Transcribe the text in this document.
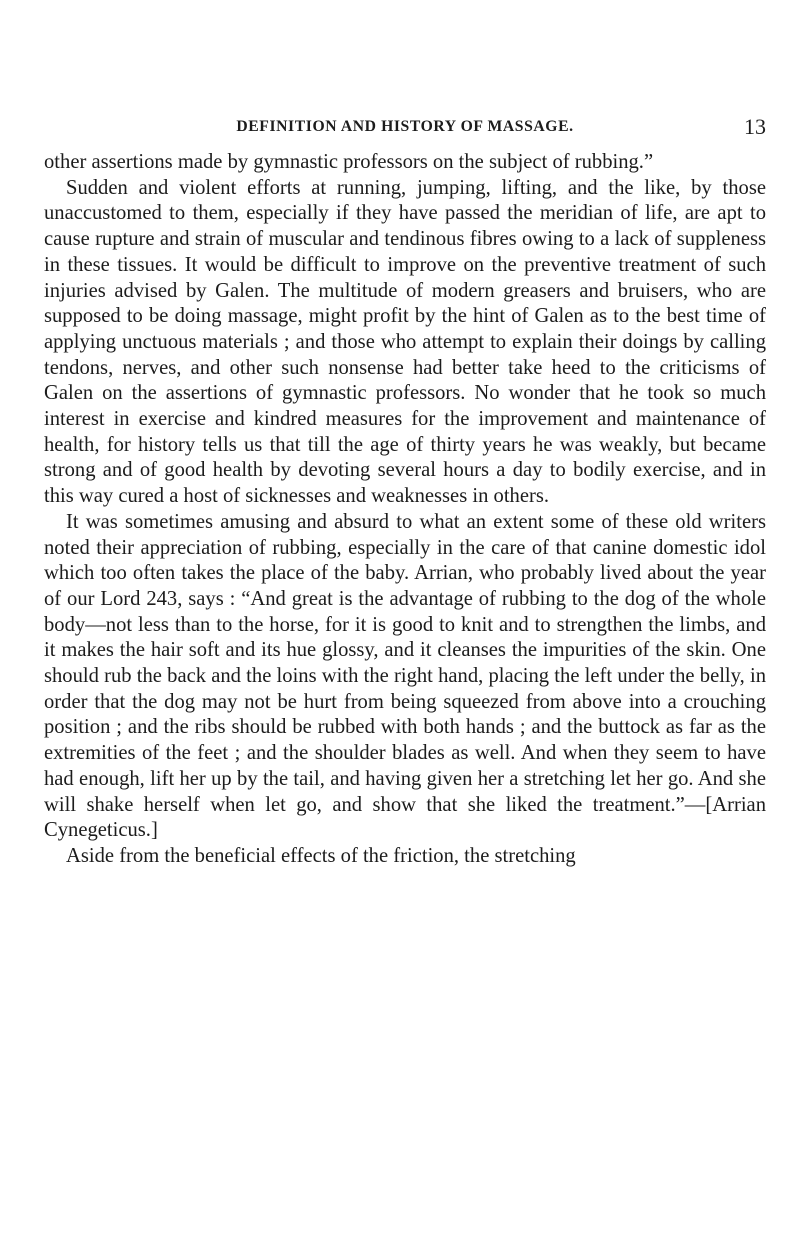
DEFINITION AND HISTORY OF MASSAGE.	13

other assertions made by gymnastic professors on the subject of rubbing.”

Sudden and violent efforts at running, jumping, lifting, and the like, by those unaccustomed to them, especially if they have passed the meridian of life, are apt to cause rupture and strain of muscular and tendinous fibres owing to a lack of suppleness in these tissues. It would be difficult to improve on the preventive treatment of such injuries advised by Galen. The multitude of modern greasers and bruisers, who are supposed to be doing massage, might profit by the hint of Galen as to the best time of applying unctuous materials ; and those who attempt to explain their doings by calling tendons, nerves, and other such nonsense had better take heed to the criticisms of Galen on the assertions of gymnastic professors. No wonder that he took so much interest in exercise and kindred measures for the improvement and maintenance of health, for history tells us that till the age of thirty years he was weakly, but became strong and of good health by devoting several hours a day to bodily exercise, and in this way cured a host of sicknesses and weaknesses in others.

It was sometimes amusing and absurd to what an extent some of these old writers noted their appreciation of rubbing, especially in the care of that canine domestic idol which too often takes the place of the baby. Arrian, who probably lived about the year of our Lord 243, says : “And great is the advantage of rubbing to the dog of the whole body—not less than to the horse, for it is good to knit and to strengthen the limbs, and it makes the hair soft and its hue glossy, and it cleanses the impurities of the skin. One should rub the back and the loins with the right hand, placing the left under the belly, in order that the dog may not be hurt from being squeezed from above into a crouching position ; and the ribs should be rubbed with both hands ; and the buttock as far as the extremities of the feet ; and the shoulder blades as well. And when they seem to have had enough, lift her up by the tail, and having given her a stretching let her go. And she will shake herself when let go, and show that she liked the treatment.”—[Arrian Cynegeticus.]

Aside from the beneficial effects of the friction, the stretching
